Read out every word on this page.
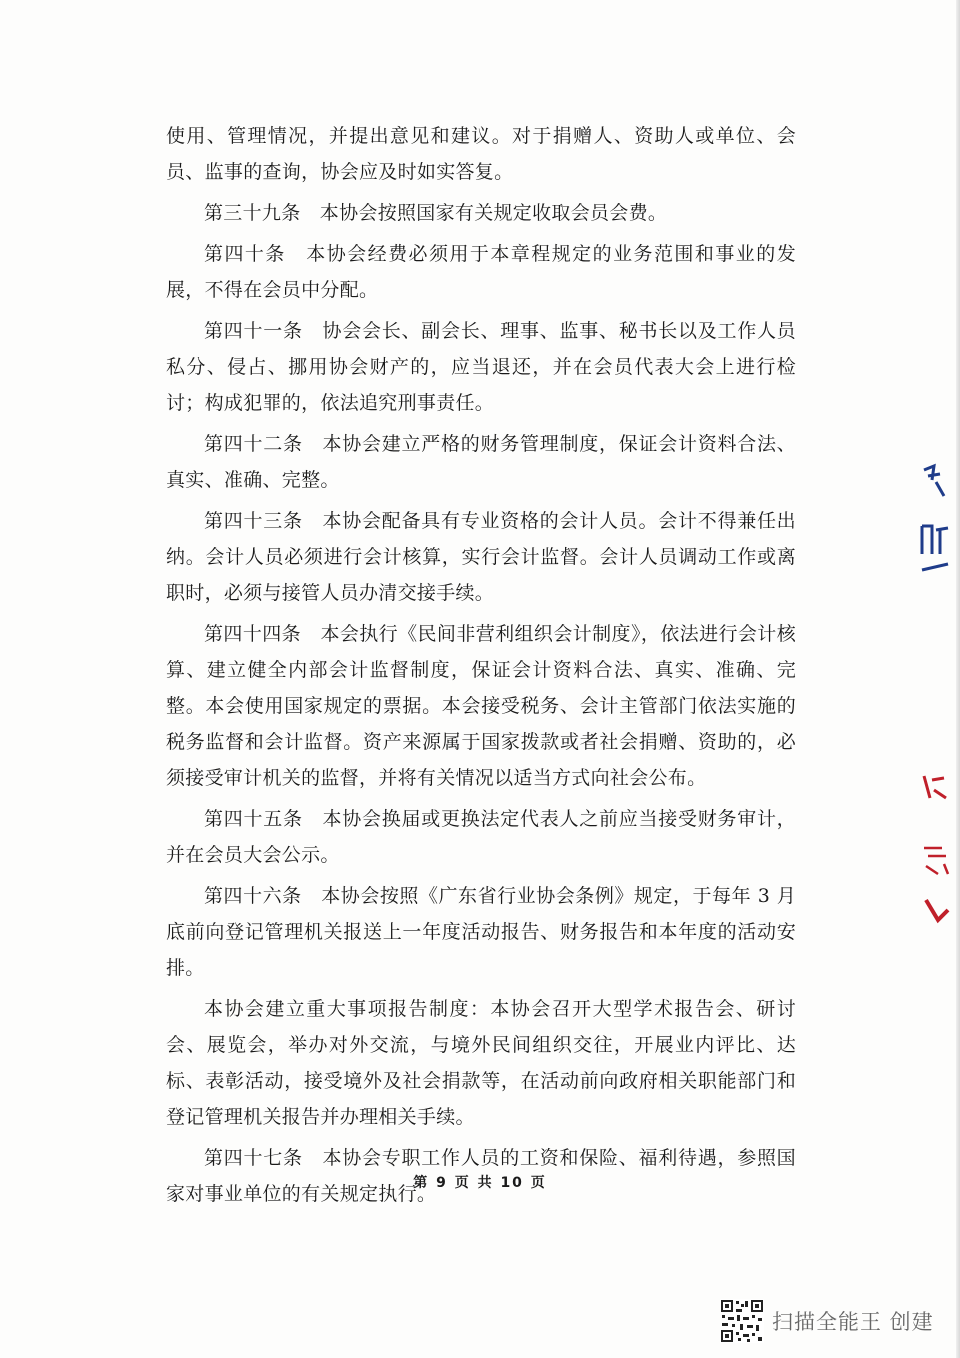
使用、管理情况，并提出意见和建议。对于捐赠人、资助人或单位、会员、监事的查询，协会应及时如实答复。

第三十九条　本协会按照国家有关规定收取会员会费。

第四十条　本协会经费必须用于本章程规定的业务范围和事业的发展，不得在会员中分配。

第四十一条　协会会长、副会长、理事、监事、秘书长以及工作人员私分、侵占、挪用协会财产的，应当退还，并在会员代表大会上进行检讨；构成犯罪的，依法追究刑事责任。

第四十二条　本协会建立严格的财务管理制度，保证会计资料合法、真实、准确、完整。

第四十三条　本协会配备具有专业资格的会计人员。会计不得兼任出纳。会计人员必须进行会计核算，实行会计监督。会计人员调动工作或离职时，必须与接管人员办清交接手续。

第四十四条　本会执行《民间非营利组织会计制度》，依法进行会计核算、建立健全内部会计监督制度，保证会计资料合法、真实、准确、完整。本会使用国家规定的票据。本会接受税务、会计主管部门依法实施的税务监督和会计监督。资产来源属于国家拨款或者社会捐赠、资助的，必须接受审计机关的监督，并将有关情况以适当方式向社会公布。

第四十五条　本协会换届或更换法定代表人之前应当接受财务审计，并在会员大会公示。

第四十六条　本协会按照《广东省行业协会条例》规定，于每年 3 月底前向登记管理机关报送上一年度活动报告、财务报告和本年度的活动安排。

本协会建立重大事项报告制度：本协会召开大型学术报告会、研讨会、展览会，举办对外交流，与境外民间组织交往，开展业内评比、达标、表彰活动，接受境外及社会捐款等，在活动前向政府相关职能部门和登记管理机关报告并办理相关手续。

第四十七条　本协会专职工作人员的工资和保险、福利待遇，参照国家对事业单位的有关规定执行。

第 9 页 共 10 页
扫描全能王 创建
